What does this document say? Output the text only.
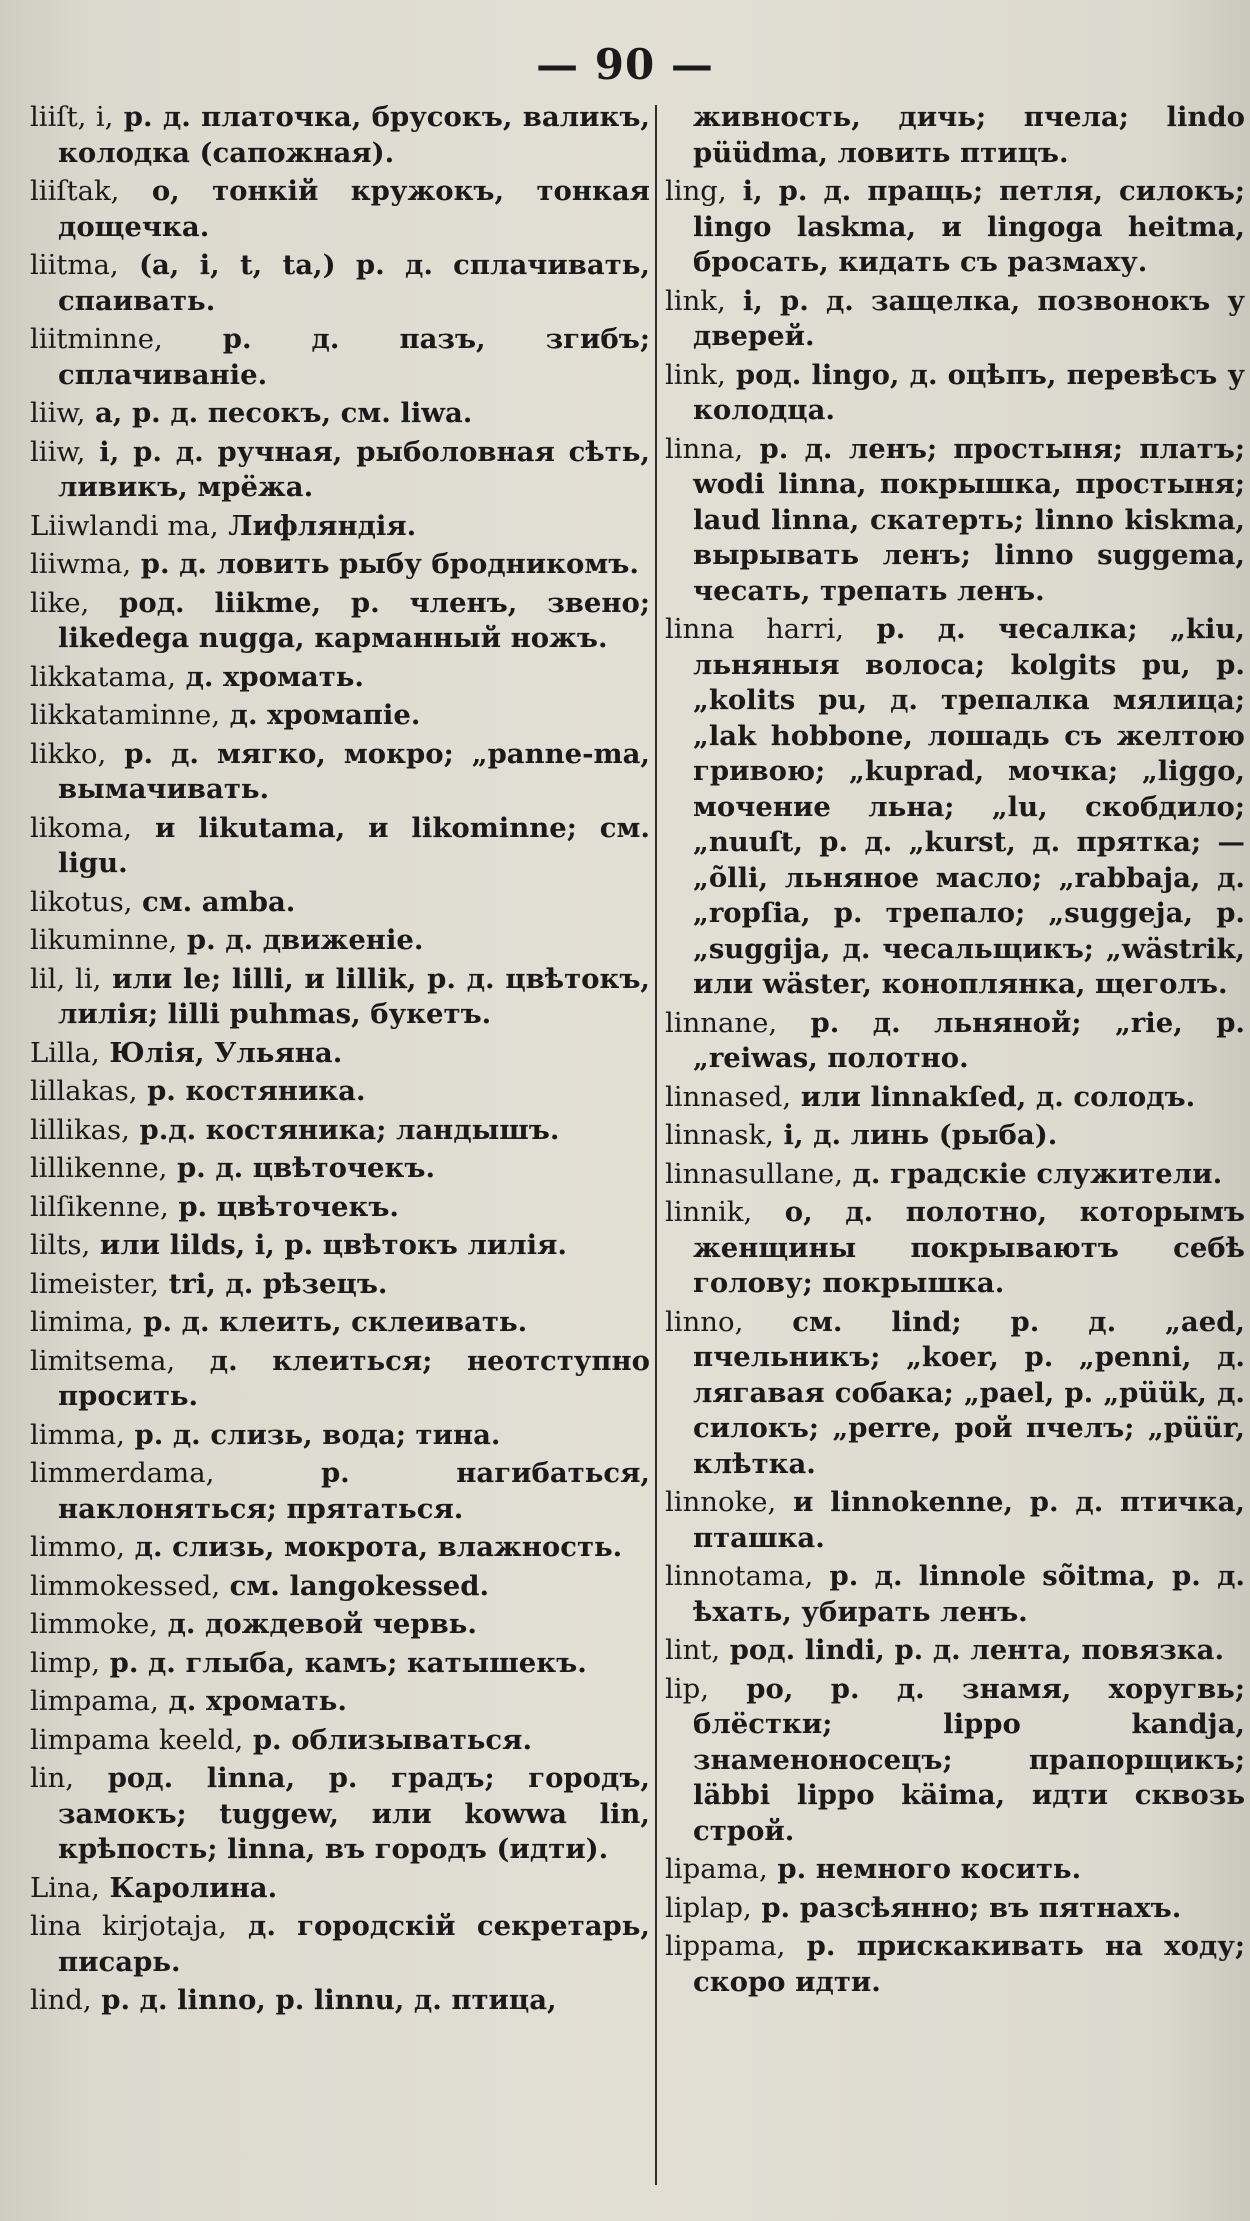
— 90 —

liiſt, i, р. д. платочка, брусокъ, валикъ, колодка (сапожная).

liiſtak, o, тонкій кружокъ, тонкая дощечка.

liitma, (a, i, t, ta,) р. д. сплачивать, спаивать.

liitminne, р. д. пазъ, згибъ; сплачиваніе.

liiw, a, р. д. песокъ, см. liwa.

liiw, i, р. д. ручная, рыболовная сѣть, ливикъ, мрёжа.

Liiwlandi ma, Лифляндія.

liiwma, р. д. ловить рыбу бродникомъ.

like, род. liikme, р. членъ, звено; likedega nugga, карманный ножъ.

likkatama, д. хромать.

likkataminne, д. хромапіе.

likko, р. д. мягко, мокро; „panne-ma, вымачивать.

likoma, и likutama, и likominne; см. ligu.

likotus, см. amba.

likuminne, р. д. движеніе.

lil, li, или le; lilli, и lillik, р. д. цвѣтокъ, лилія; lilli puhmas, букетъ.

Lilla, Юлія, Ульяна.

lillakas, р. костяника.

lillikas, р.д. костяника; ландышъ.

lillikenne, р. д. цвѣточекъ.

lilſikenne, р. цвѣточекъ.

lilts, или lilds, i, р. цвѣтокъ лилія.

limeister, tri, д. рѣзецъ.

limima, р. д. клеить, склеивать.

limitsema, д. клеиться; неотступно просить.

limma, р. д. слизь, вода; тина.

limmerdama,	р. нагибаться, наклоняться; прятаться.

limmo, д. слизь, мокрота, влажность.

limmokessed, см. langokessed.

limmoke, д. дождевой червь.

limp, р. д. глыба, камъ; катышекъ.

limpama, д. хромать.

limpama keeld, р. облизываться.

lin, род. linna, р. градъ; городъ, замокъ; tuggew, или kowwa lin, крѣпость; linna, въ городъ (идти).

Lina, Каролина.

lina kirjotaja, д. городскій секретарь, писарь.

lind, р. д. linno, р. linnu, д. птица,

живность, дичь; пчела; lindo püüdma, ловить птицъ.

ling, i, р. д. пращь; петля, силокъ; lingo laskma, и lingoga heitma, бросать, кидать съ размаху.

link, i, р. д. защелка, позвонокъ у дверей.

link, род. lingo, д. оцѣпъ, перевѣсъ у колодца.

linna, р. д. ленъ; простыня; платъ; wodi linna, покрышка, простыня; laud linna, скатерть; linno kiskma, вырывать ленъ; linno suggema, чесать, трепать ленъ.

linna harri, р. д. чесалка; „kiu, льняныя волоса; kolgits pu, р. „kolits pu, д. трепалка мялица; „lak hobbone, лошадь съ желтою гривою; „kuprad, мочка; „liggo, мочение льна; „lu, скобдило; „nuuſt, р. д. „kurst, д. прятка; — „õlli, льняное масло; „rabbaja, д. „ropſia, р. трепало; „suggeja, р. „suggija, д. чесальщикъ; „wästrik, или wäster, коноплянка, щеголъ.

linnane, р. д. льняной; „rie, р. „reiwas, полотно.

linnased, или linnakſed, д. солодъ.

linnask, i, д. линь (рыба).

linnasullane, д. градскіе служители.

linnik, o, д. полотно, которымъ женщины покрываютъ себѣ голову; покрышка.

linno, см. lind; р. д. „aed, пчельникъ; „koer, р. „penni, д. лягавая собака; „pael, р. „püük, д. силокъ; „perre, рой пчелъ; „püür, клѣтка.

linnoke, и linnokenne, р. д. птичка, пташка.

linnotama, р. д. linnole sõitma, р. д. ѣхать, убирать ленъ.

lint, род. lindi, р. д. лента, повязка.

lip, po, р. д. знамя, хоругвь; блёстки; lippo kandja, знаменоносецъ; прапорщикъ; läbbi lippo käima, идти сквозь строй.

lipama, р. немного косить.

liplap, р. разсѣянно; въ пятнахъ.

lippama, р. прискакивать на ходу; скоро идти.
